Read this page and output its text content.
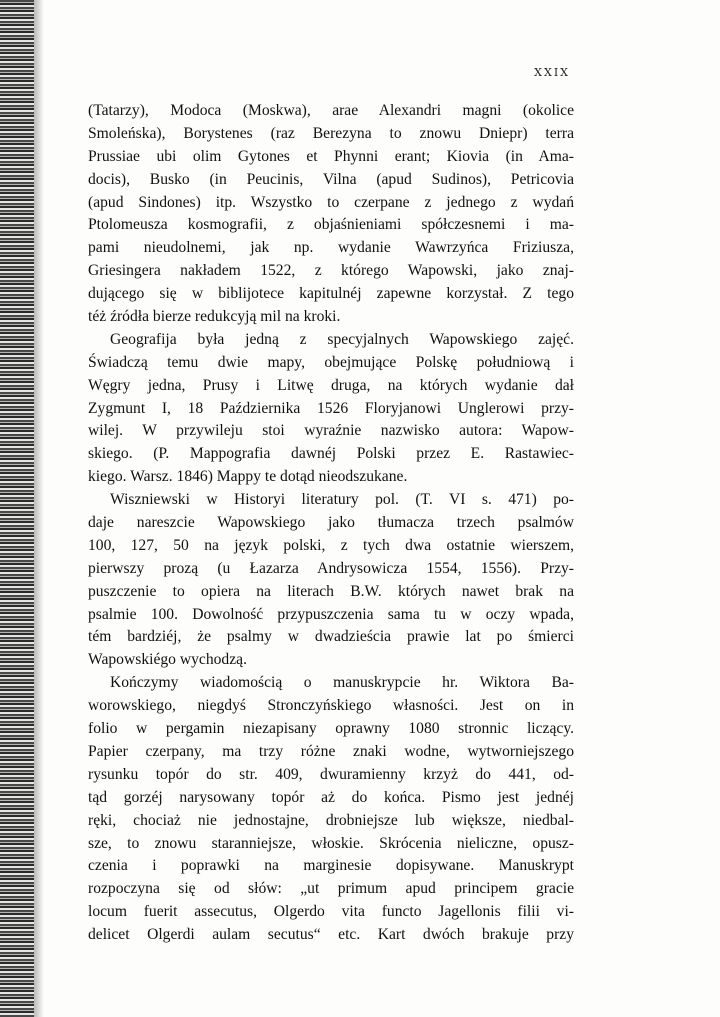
XXIX
(Tatarzy), Modoca (Moskwa), arae Alexandri magni (okolice
Smoleńska), Borystenes (raz Berezyna to znowu Dniepr) terra
Prussiae ubi olim Gytones et Phynni erant; Kiovia (in Ama-
docis), Busko (in Peucinis, Vilna (apud Sudinos), Petricovia
(apud Sindones) itp. Wszystko to czerpane z jednego z wydań
Ptolomeusza kosmografii, z objaśnieniami spółczesnemi i ma-
pami nieudolnemi, jak np. wydanie Wawrzyńca Friziusza,
Griesingera nakładem 1522, z którego Wapowski, jako znaj-
dującego się w biblijotece kapitulnéj zapewne korzystał. Z tego
téż źródła bierze redukcyją mil na kroki.
Geografija była jedną z specyjalnych Wapowskiego zajęć.
Świadczą temu dwie mapy, obejmujące Polskę południową i
Węgry jedna, Prusy i Litwę druga, na których wydanie dał
Zygmunt I, 18 Października 1526 Floryjanowi Unglerowi przy-
wilej. W przywileju stoi wyraźnie nazwisko autora: Wapow-
skiego. (P. Mappografia dawnéj Polski przez E. Rastawiec-
kiego. Warsz. 1846) Mappy te dotąd nieodszukane.
Wiszniewski w Historyi literatury pol. (T. VI s. 471) po-
daje nareszcie Wapowskiego jako tłumacza trzech psalmów
100, 127, 50 na język polski, z tych dwa ostatnie wierszem,
pierwszy prozą (u Łazarza Andrysowicza 1554, 1556). Przy-
puszczenie to opiera na literach B.W. których nawet brak na
psalmie 100. Dowolność przypuszczenia sama tu w oczy wpada,
tém bardziéj, że psalmy w dwadzieścia prawie lat po śmierci
Wapowskiégo wychodzą.
Kończymy wiadomością o manuskrypcie hr. Wiktora Ba-
worowskiego, niegdyś Stronczyńskiego własności. Jest on in
folio w pergamin niezapisany oprawny 1080 stronnic liczący.
Papier czerpany, ma trzy różne znaki wodne, wytworniejszego
rysunku topór do str. 409, dwuramienny krzyż do 441, od-
tąd gorzéj narysowany topór aż do końca. Pismo jest jednéj
ręki, chociaż nie jednostajne, drobniejsze lub większe, niedbal-
sze, to znowu staranniejsze, włoskie. Skrócenia nieliczne, opusz-
czenia i poprawki na marginesie dopisywane. Manuskrypt
rozpoczyna się od słów: „ut primum apud principem gracie
locum fuerit assecutus, Olgerdo vita functo Jagellonis filii vi-
delicet Olgerdi aulam secutus“ etc. Kart dwóch brakuje przy
